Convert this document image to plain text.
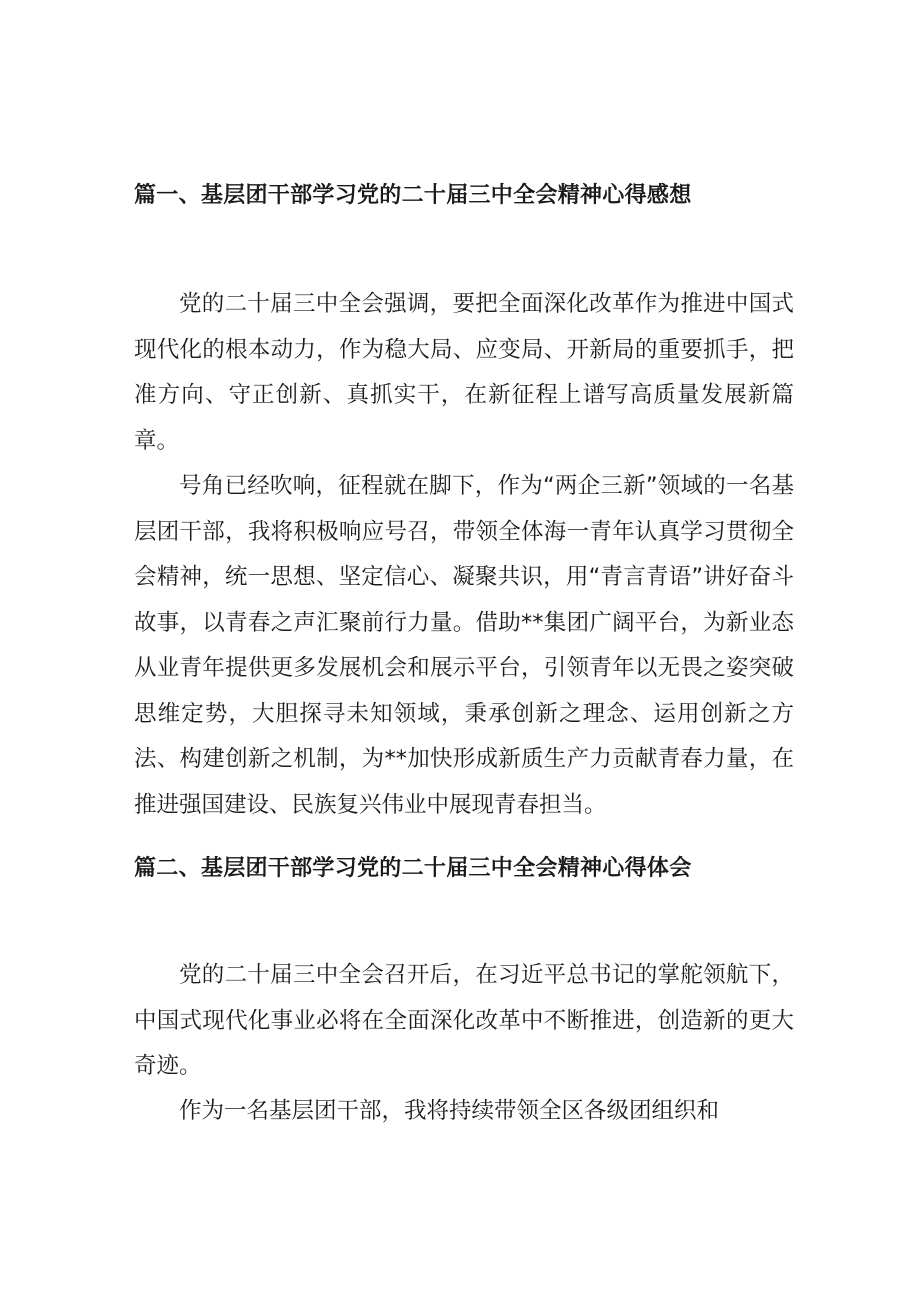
篇一、基层团干部学习党的二十届三中全会精神心得感想

党的二十届三中全会强调，要把全面深化改革作为推进中国式现代化的根本动力，作为稳大局、应变局、开新局的重要抓手，把准方向、守正创新、真抓实干，在新征程上谱写高质量发展新篇章。

号角已经吹响，征程就在脚下，作为“两企三新”领域的一名基层团干部，我将积极响应号召，带领全体海一青年认真学习贯彻全会精神，统一思想、坚定信心、凝聚共识，用“青言青语”讲好奋斗故事，以青春之声汇聚前行力量。借助**集团广阔平台，为新业态从业青年提供更多发展机会和展示平台，引领青年以无畏之姿突破思维定势，大胆探寻未知领域，秉承创新之理念、运用创新之方法、构建创新之机制，为**加快形成新质生产力贡献青春力量，在推进强国建设、民族复兴伟业中展现青春担当。

篇二、基层团干部学习党的二十届三中全会精神心得体会

党的二十届三中全会召开后，在习近平总书记的掌舵领航下，中国式现代化事业必将在全面深化改革中不断推进，创造新的更大奇迹。

作为一名基层团干部，我将持续带领全区各级团组织和
